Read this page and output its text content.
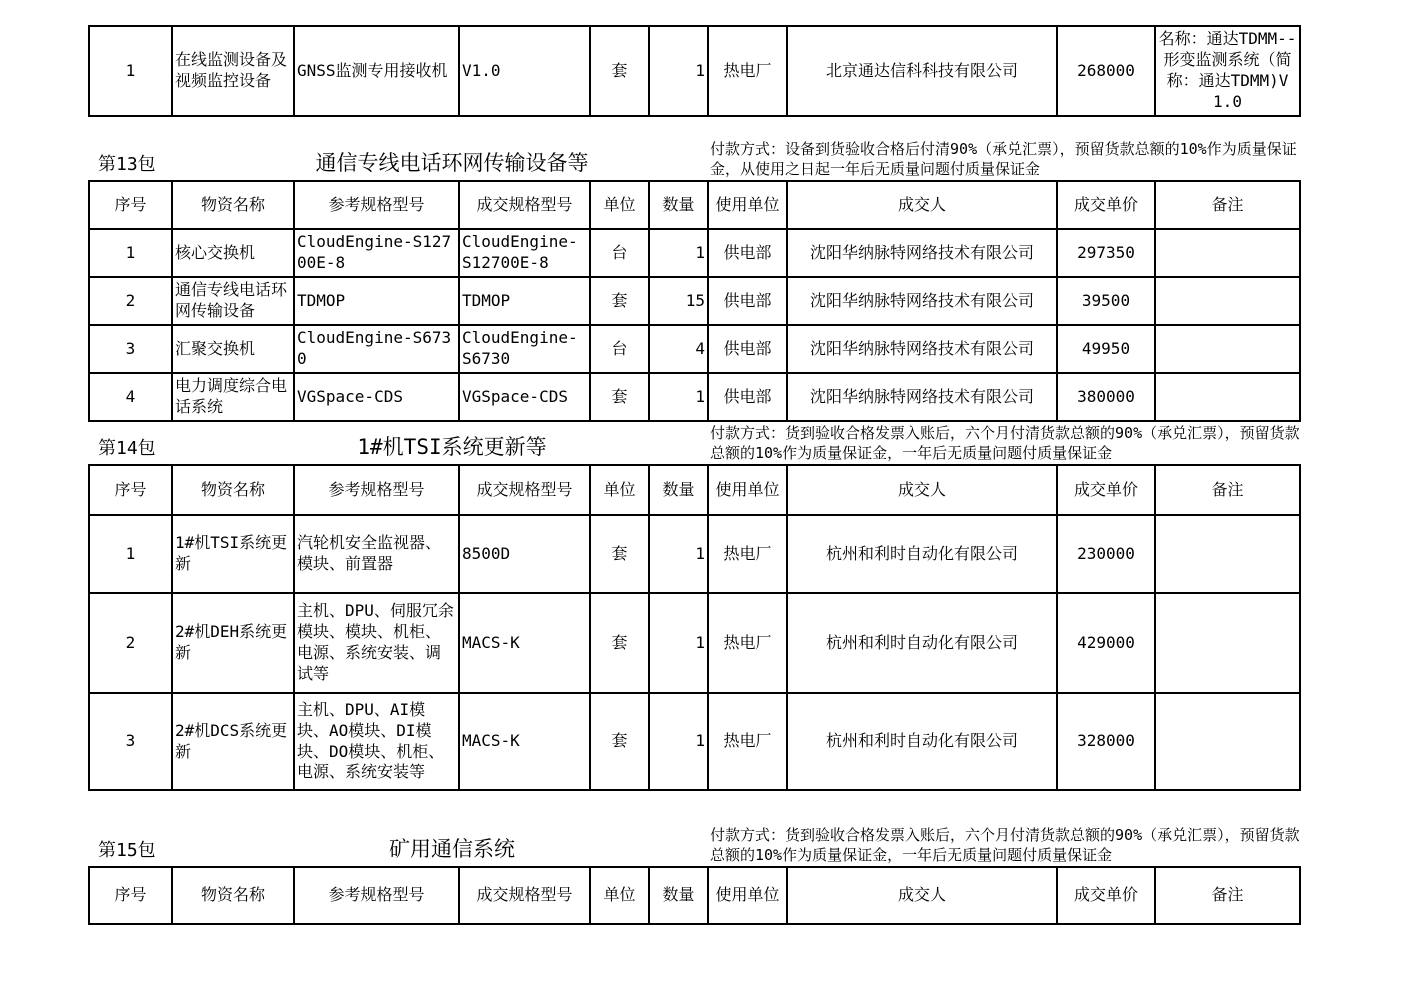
1	在线监测设备及视频监控设备	GNSS监测专用接收机	V1.0	套	1	热电厂	北京通达信科科技有限公司	268000	名称：通达TDMM--形变监测系统（简称：通达TDMM)V1.0
第13包	通信专线电话环网传输设备等
付款方式：设备到货验收合格后付清90%（承兑汇票），预留货款总额的10%作为质量保证金，从使用之日起一年后无质量问题付质量保证金
序号	物资名称	参考规格型号	成交规格型号	单位	数量	使用单位	成交人	成交单价	备注
1	核心交换机	CloudEngine-S12700E-8	CloudEngine-S12700E-8	台	1	供电部	沈阳华纳脉特网络技术有限公司	297350	
2	通信专线电话环网传输设备	TDMOP	TDMOP	套	15	供电部	沈阳华纳脉特网络技术有限公司	39500	
3	汇聚交换机	CloudEngine-S6730	CloudEngine-S6730	台	4	供电部	沈阳华纳脉特网络技术有限公司	49950	
4	电力调度综合电话系统	VGSpace-CDS	VGSpace-CDS	套	1	供电部	沈阳华纳脉特网络技术有限公司	380000	
第14包	1#机TSI系统更新等
付款方式：货到验收合格发票入账后，六个月付清货款总额的90%（承兑汇票），预留货款总额的10%作为质量保证金，一年后无质量问题付质量保证金
序号	物资名称	参考规格型号	成交规格型号	单位	数量	使用单位	成交人	成交单价	备注
1	1#机TSI系统更新	汽轮机安全监视器、模块、前置器	8500D	套	1	热电厂	杭州和利时自动化有限公司	230000	
2	2#机DEH系统更新	主机、DPU、伺服冗余模块、模块、机柜、电源、系统安装、调试等	MACS-K	套	1	热电厂	杭州和利时自动化有限公司	429000	
3	2#机DCS系统更新	主机、DPU、AI模块、AO模块、DI模块、DO模块、机柜、电源、系统安装等	MACS-K	套	1	热电厂	杭州和利时自动化有限公司	328000	
第15包	矿用通信系统
付款方式：货到验收合格发票入账后，六个月付清货款总额的90%（承兑汇票），预留货款总额的10%作为质量保证金，一年后无质量问题付质量保证金
序号	物资名称	参考规格型号	成交规格型号	单位	数量	使用单位	成交人	成交单价	备注
